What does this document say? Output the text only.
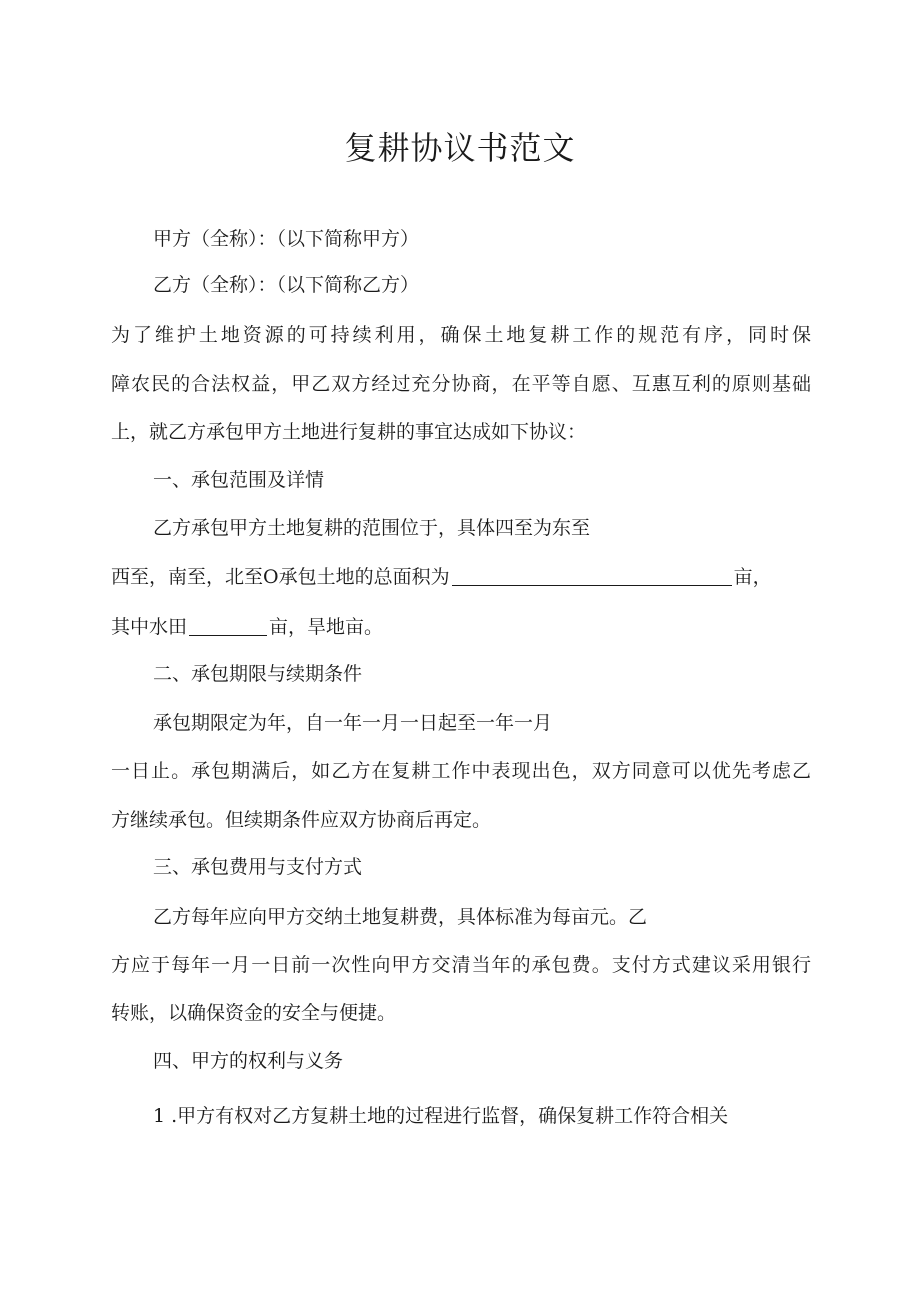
复耕协议书范文
甲方（全称）：（以下简称甲方）
乙方（全称）：（以下简称乙方）
为了维护土地资源的可持续利用，确保土地复耕工作的规范有序，同时保
障农民的合法权益，甲乙双方经过充分协商，在平等自愿、互惠互利的原则基础
上，就乙方承包甲方土地进行复耕的事宜达成如下协议：
一、承包范围及详情
乙方承包甲方土地复耕的范围位于，具体四至为东至
西至，南至，北至O承包土地的总面积为	亩，
其中水田	亩，旱地亩。
二、承包期限与续期条件
承包期限定为年，自一年一月一日起至一年一月
一日止。承包期满后，如乙方在复耕工作中表现出色，双方同意可以优先考虑乙
方继续承包。但续期条件应双方协商后再定。
三、承包费用与支付方式
乙方每年应向甲方交纳土地复耕费，具体标准为每亩元。乙
方应于每年一月一日前一次性向甲方交清当年的承包费。支付方式建议采用银行
转账，以确保资金的安全与便捷。
四、甲方的权利与义务
1 .甲方有权对乙方复耕土地的过程进行监督，确保复耕工作符合相关
